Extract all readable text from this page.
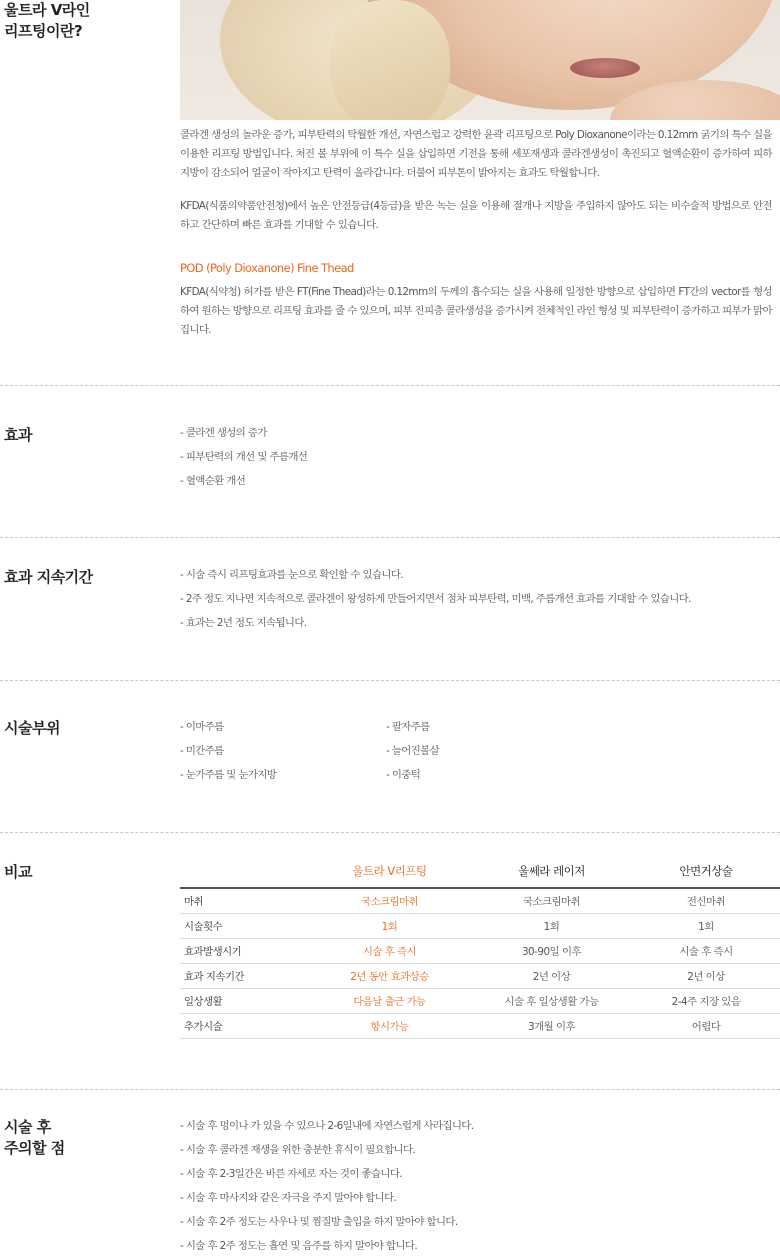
울트라 V라인
리프팅이란?

콜라겐 생성의 놀라운 증가, 피부탄력의 탁월한 개선, 자연스럽고 강력한 윤곽 리프팅으로 Poly Dioxanone이라는 0.12mm 굵기의 특수 실을 이용한 리프팅 방법입니다. 처진 볼 부위에 이 특수 실을 삽입하면 기전을 통해 세포재생과 콜라겐생성이 촉진되고 혈액순환이 증가하여 피하지방이 감소되어 얼굴이 작아지고 탄력이 올라갑니다. 더불어 피부톤이 밝아지는 효과도 탁월합니다.

KFDA(식품의약품안전청)에서 높은 안전등급(4등급)을 받은 녹는 실을 이용해 절개나 지방을 주입하지 않아도 되는 비수술적 방법으로 안전하고 간단하며 빠른 효과를 기대할 수 있습니다.

POD (Poly Dioxanone) Fine Thead

KFDA(식약청) 허가를 받은 FT(Fine Thead)라는 0.12mm의 두께의 흡수되는 실을 사용해 일정한 방향으로 삽입하면 FT간의 vector를 형성하여 원하는 방향으로 리프팅 효과를 줄 수 있으며, 피부 진피층 콜라생성을 증가시켜 전체적인 라인 형성 및 피부탄력이 증가하고 피부가 맑아집니다.

효과	- 콜라겐 생성의 증가
- 피부탄력의 개선 및 주름개선
- 혈액순환 개선
효과 지속기간	- 시술 즉시 리프팅효과를 눈으로 확인할 수 있습니다.
- 2주 정도 지나면 지속적으로 콜라겐이 왕성하게 만들어지면서 점차 피부탄력, 미백, 주름개선 효과를 기대할 수 있습니다.
- 효과는 2년 정도 지속됩니다.
시술부위	- 이마주름
- 미간주름
- 눈가주름 및 눈가지방
- 팔자주름
- 늘어진볼살
- 이중턱
비교
		울트라 V리프팅	울쎄라 레이저	안면거상술
마취	국소크림마취	국소크림마취	전신마취
시술횟수	1회	1회	1회
효과발생시기	시술 후 즉시	30-90일 이후	시술 후 즉시
효과 지속기간	2년 동안 효과상승	2년 이상	2년 이상
일상생활	다음날 출근 가능	시술 후 일상생활 가능	2-4주 지장 있음
추가시술	항시가능	3개월 이후	어렵다
시술 후
주의할 점
- 시술 후 멍이나 가 있을 수 있으나 2-6일내에 자연스럽게 사라집니다.
- 시술 후 콜라겐 재생을 위한 충분한 휴식이 필요합니다.
- 시술 후 2-3일간은 바른 자세로 자는 것이 좋습니다.
- 시술 후 마사지와 같은 자극을 주지 말아야 합니다.
- 시술 후 2주 정도는 사우나 및 찜질방 출입을 하지 말아야 합니다.
- 시술 후 2주 정도는 흡연 및 음주를 하지 말아야 합니다.
